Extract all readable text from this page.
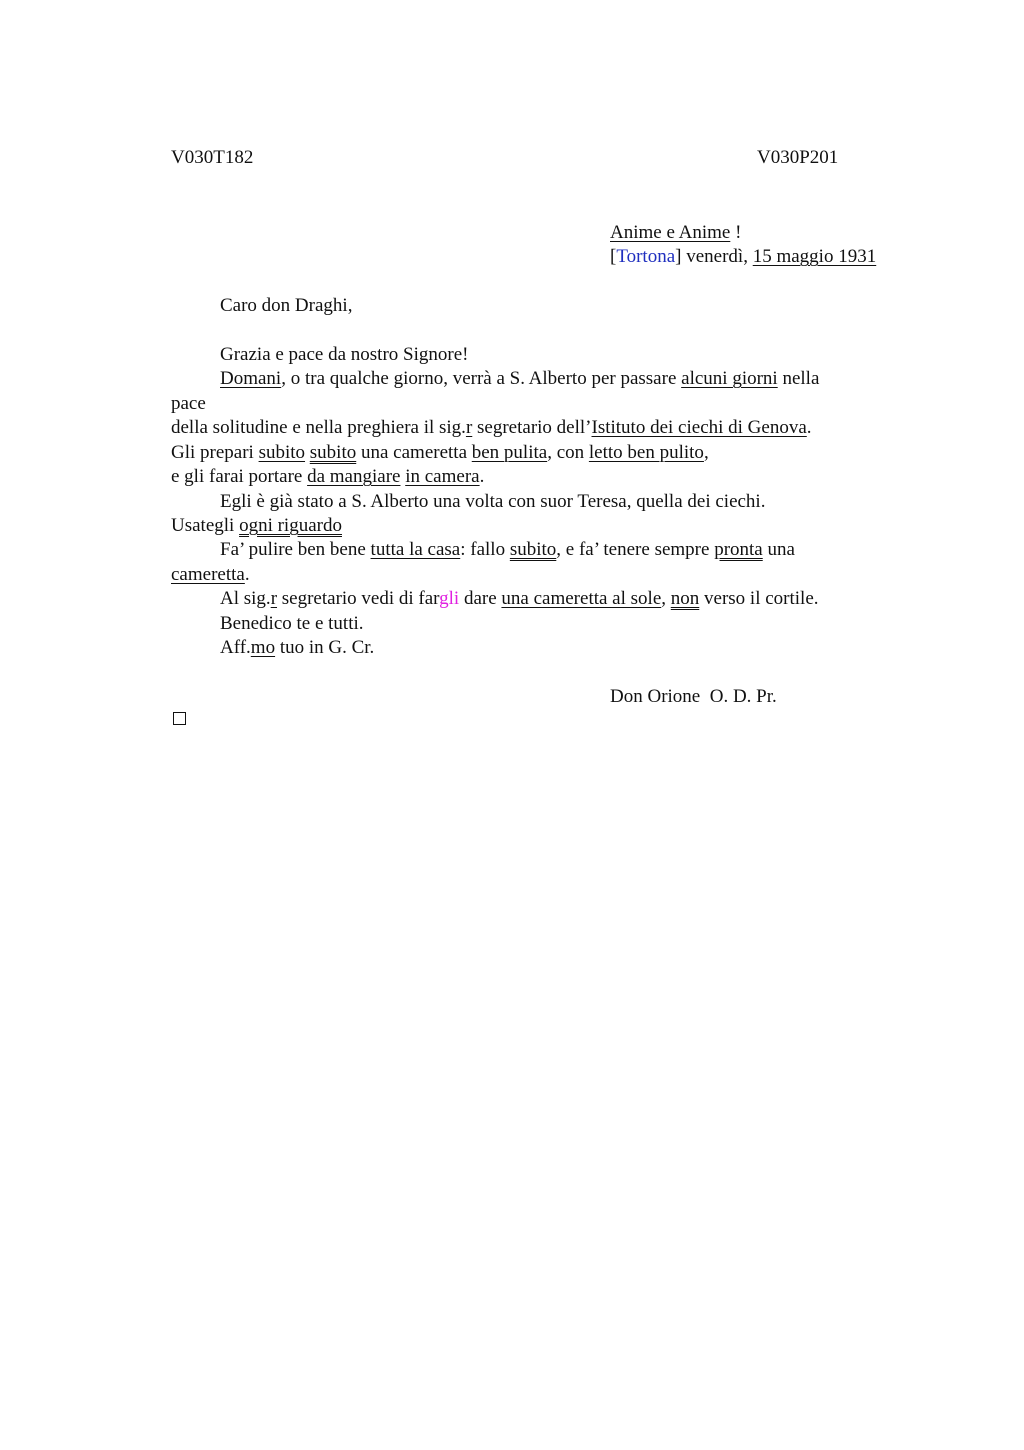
V030T182	V030P201
Anime e Anime !
[Tortona] venerdì, 15 maggio 1931
Caro don Draghi,
Grazia e pace da nostro Signore!
Domani, o tra qualche giorno, verrà a S. Alberto per passare alcuni giorni nella
pace
della solitudine e nella preghiera il sig.r segretario dell’Istituto dei ciechi di Genova.
Gli prepari subito subito una cameretta ben pulita, con letto ben pulito,
e gli farai portare da mangiare in camera.
Egli è già stato a S. Alberto una volta con suor Teresa, quella dei ciechi.
Usategli ogni riguardo
Fa’ pulire ben bene tutta la casa: fallo subito, e fa’ tenere sempre pronta una
cameretta.
Al sig.r segretario vedi di fargli dare una cameretta al sole, non verso il cortile.
Benedico te e tutti.
Aff.mo tuo in G. Cr.
Don Orione  O. D. Pr.
